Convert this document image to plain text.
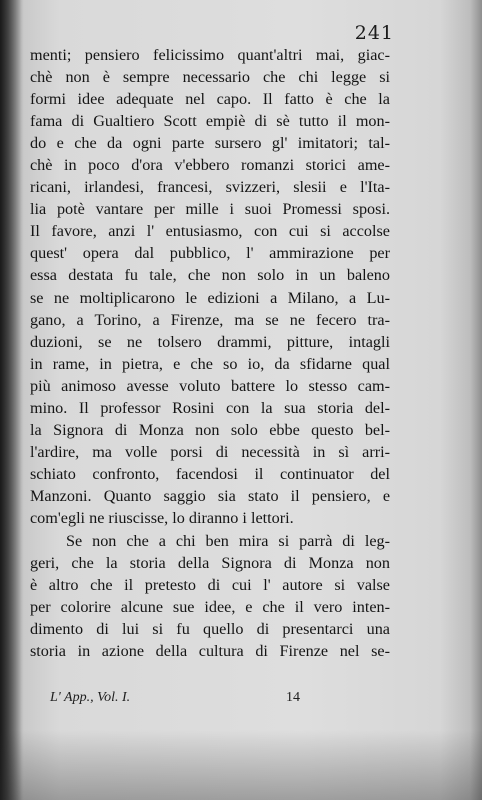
241
menti; pensiero felicissimo quant'altri mai, giac-
chè non è sempre necessario che chi legge si
formi idee adequate nel capo. Il fatto è che la
fama di Gualtiero Scott empiè di sè tutto il mon-
do e che da ogni parte sursero gl' imitatori; tal-
chè in poco d'ora v'ebbero romanzi storici ame-
ricani, irlandesi, francesi, svizzeri, slesii e l'Ita-
lia potè vantare per mille i suoi Promessi sposi.
Il favore, anzi l' entusiasmo, con cui si accolse
quest' opera dal pubblico, l' ammirazione per
essa destata fu tale, che non solo in un baleno
se ne moltiplicarono le edizioni a Milano, a Lu-
gano, a Torino, a Firenze, ma se ne fecero tra-
duzioni, se ne tolsero drammi, pitture, intagli
in rame, in pietra, e che so io, da sfidarne qual
più animoso avesse voluto battere lo stesso cam-
mino. Il professor Rosini con la sua storia del-
la Signora di Monza non solo ebbe questo bel-
l'ardire, ma volle porsi di necessità in sì arri-
schiato confronto, facendosi il continuator del
Manzoni. Quanto saggio sia stato il pensiero, e
com'egli ne riuscisse, lo diranno i lettori.
Se non che a chi ben mira si parrà di leg-
geri, che la storia della Signora di Monza non
è altro che il pretesto di cui l' autore si valse
per colorire alcune sue idee, e che il vero inten-
dimento di lui si fu quello di presentarci una
storia in azione della cultura di Firenze nel se-
L' App., Vol. I.	14
